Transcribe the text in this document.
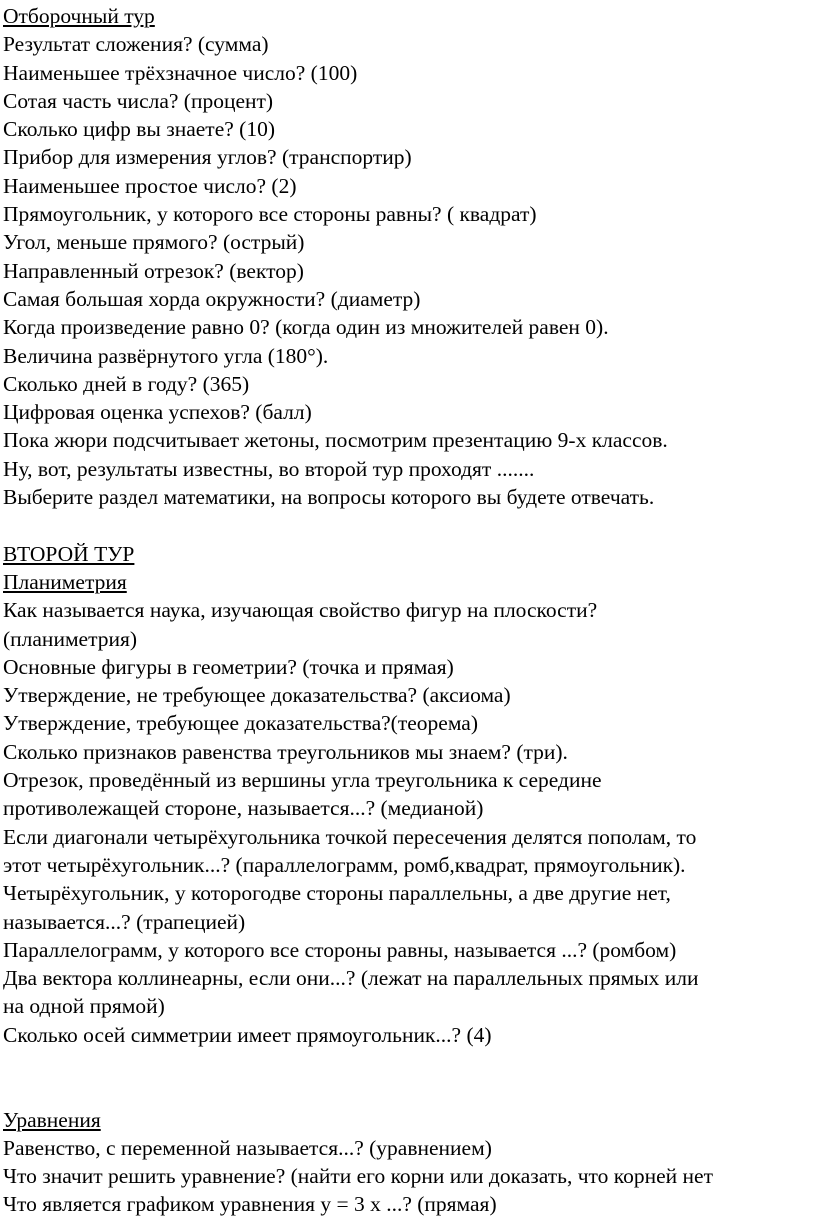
Отборочный тур
Результат сложения? (сумма)
Наименьшее трёхзначное число? (100)
Сотая часть числа? (процент)
Сколько цифр вы знаете? (10)
Прибор для измерения углов? (транспортир)
Наименьшее простое число? (2)
Прямоугольник, у которого все стороны равны? ( квадрат)
Угол, меньше прямого? (острый)
Направленный отрезок? (вектор)
Самая большая хорда окружности? (диаметр)
Когда произведение равно 0? (когда один из множителей равен 0).
Величина развёрнутого угла (180°).
Сколько дней в году? (365)
Цифровая оценка успехов? (балл)
Пока жюри подсчитывает жетоны, посмотрим презентацию 9-х классов.
Ну, вот, результаты известны, во второй тур проходят .......
Выберите раздел математики, на вопросы которого вы будете отвечать.
ВТОРОЙ ТУР
Планиметрия
Как называется наука, изучающая свойство фигур на плоскости?
(планиметрия)
Основные фигуры в геометрии? (точка и прямая)
Утверждение, не требующее доказательства? (аксиома)
Утверждение, требующее доказательства?(теорема)
Сколько признаков равенства треугольников мы знаем? (три).
Отрезок, проведённый из вершины угла треугольника к середине
противолежащей стороне, называется...? (медианой)
Если диагонали четырёхугольника точкой пересечения делятся пополам, то
этот четырёхугольник...? (параллелограмм, ромб,квадрат, прямоугольник).
Четырёхугольник, у которогодве стороны параллельны, а две другие нет,
называется...? (трапецией)
Параллелограмм, у которого все стороны равны, называется ...? (ромбом)
Два вектора коллинеарны, если они...? (лежат на параллельных прямых или
на одной прямой)
Сколько осей симметрии имеет прямоугольник...? (4)
Уравнения
Равенство, с переменной называется...? (уравнением)
Что значит решить уравнение? (найти его корни или доказать, что корней нет
Что является графиком уравнения у = 3 х ...? (прямая)
